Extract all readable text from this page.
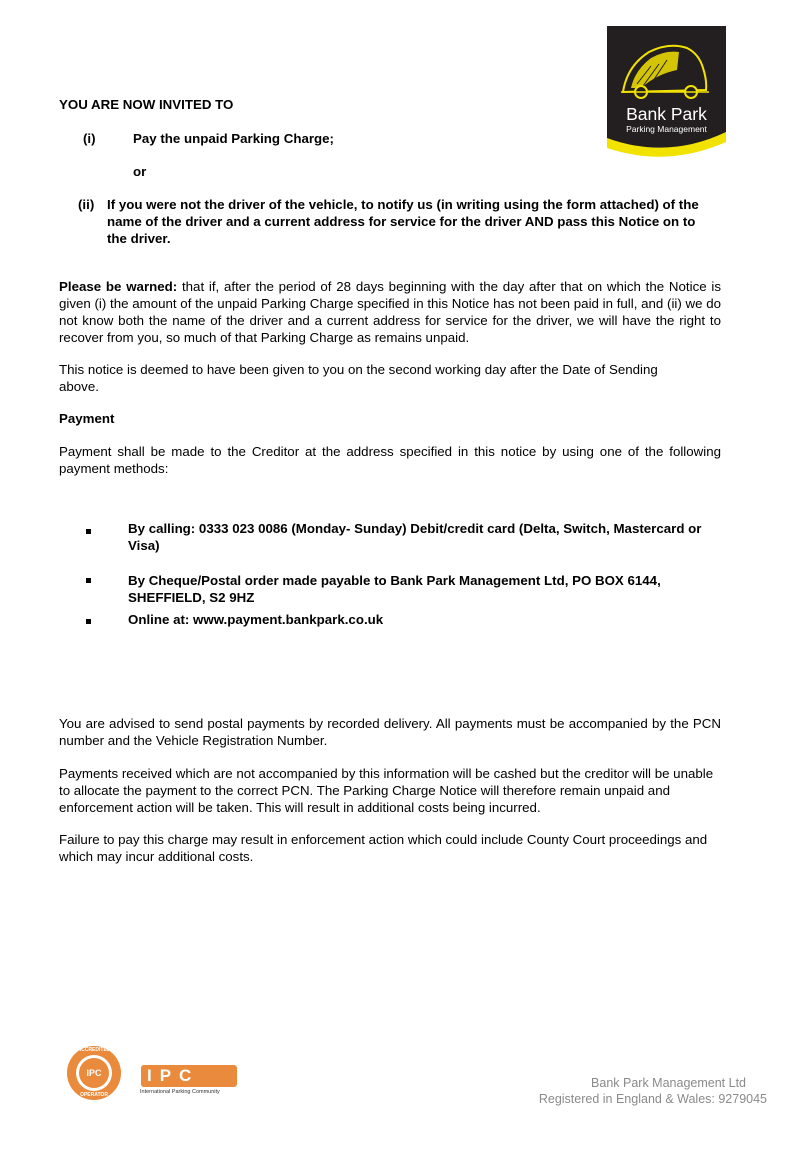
Bank Park
Parking Management
YOU ARE NOW INVITED TO
(i)	Pay the unpaid Parking Charge;
or
(ii) If you were not the driver of the vehicle, to notify us (in writing using the form attached) of the name of the driver and a current address for service for the driver AND pass this Notice on to the driver.
Please be warned: that if, after the period of 28 days beginning with the day after that on which the Notice is given (i) the amount of the unpaid Parking Charge specified in this Notice has not been paid in full, and (ii) we do not know both the name of the driver and a current address for service for the driver, we will have the right to recover from you, so much of that Parking Charge as remains unpaid.
This notice is deemed to have been given to you on the second working day after the Date of Sending above.
Payment
Payment shall be made to the Creditor at the address specified in this notice by using one of the following payment methods:
By calling: 0333 023 0086 (Monday- Sunday) Debit/credit card (Delta, Switch, Mastercard or Visa)
By Cheque/Postal order made payable to Bank Park Management Ltd, PO BOX 6144, SHEFFIELD, S2 9HZ
Online at: www.payment.bankpark.co.uk
You are advised to send postal payments by recorded delivery. All payments must be accompanied by the PCN number and the Vehicle Registration Number.
Payments received which are not accompanied by this information will be cashed but the creditor will be unable to allocate the payment to the correct PCN. The Parking Charge Notice will therefore remain unpaid and enforcement action will be taken. This will result in additional costs being incurred.
Failure to pay this charge may result in enforcement action which could include County Court proceedings and which may incur additional costs.
ACCREDITED
IPC
OPERATOR
IPC
International Parking Community
Bank Park Management Ltd
Registered in England & Wales: 9279045
